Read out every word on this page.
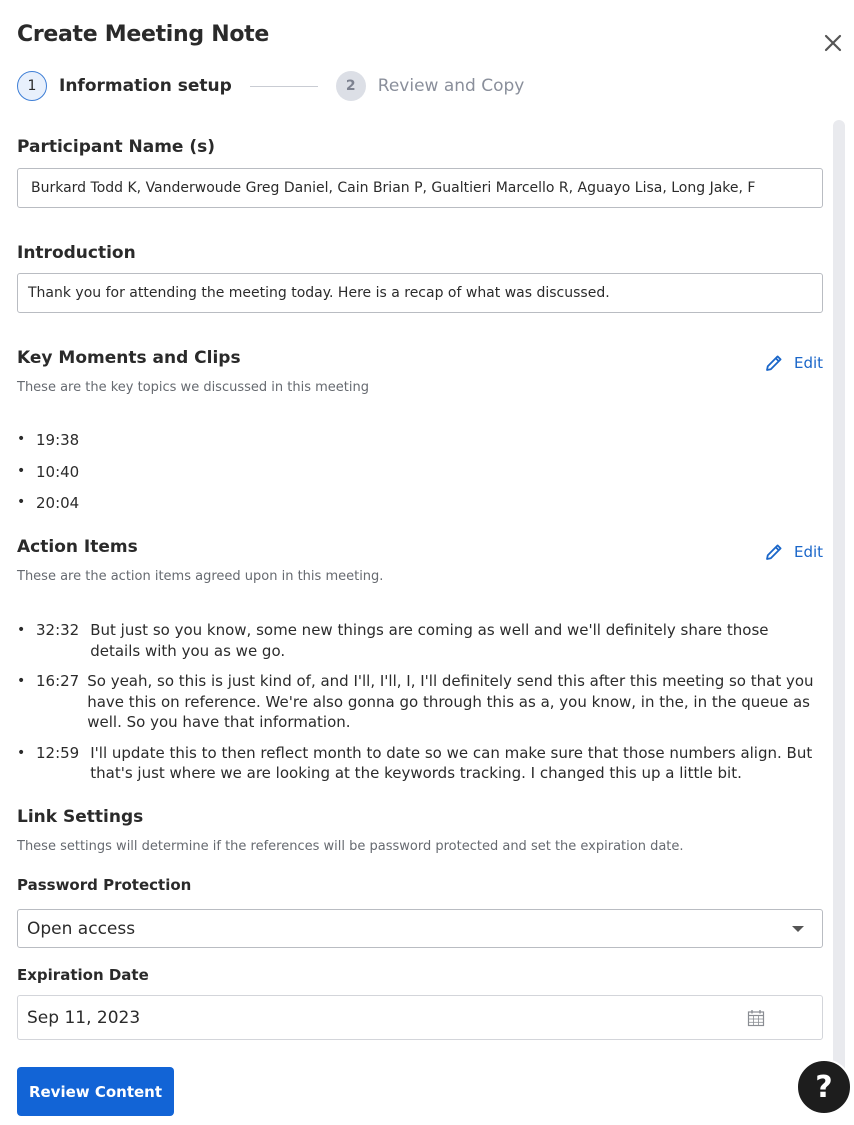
Create Meeting Note
1	Information setup	2	Review and Copy
Participant Name (s)
Burkard Todd K, Vanderwoude Greg Daniel, Cain Brian P, Gualtieri Marcello R, Aguayo Lisa, Long Jake, F
Introduction
Thank you for attending the meeting today. Here is a recap of what was discussed.
Key Moments and Clips
These are the key topics we discussed in this meeting
Edit
• 19:38
• 10:40
• 20:04
Action Items
These are the action items agreed upon in this meeting.
Edit
• 32:32 But just so you know, some new things are coming as well and we'll definitely share those details with you as we go.
• 16:27 So yeah, so this is just kind of, and I'll, I'll, I, I'll definitely send this after this meeting so that you have this on reference. We're also gonna go through this as a, you know, in the, in the queue as well. So you have that information.
• 12:59 I'll update this to then reflect month to date so we can make sure that those numbers align. But that's just where we are looking at the keywords tracking. I changed this up a little bit.
Link Settings
These settings will determine if the references will be password protected and set the expiration date.
Password Protection
Open access
Expiration Date
Sep 11, 2023
Review Content	?
